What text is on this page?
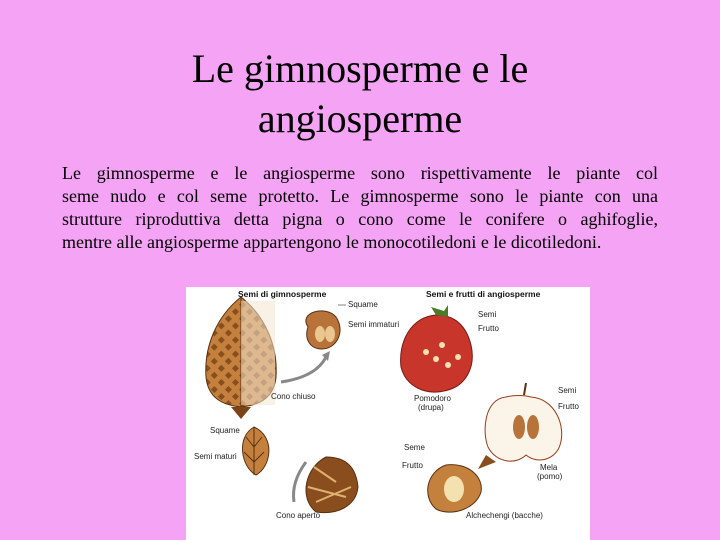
Le gimnosperme e le
angiosperme
Le gimnosperme e le angiosperme sono rispettivamente le piante col
seme nudo e col seme protetto. Le gimnosperme sono le piante con una
strutture riproduttiva detta pigna o cono come le conifere o aghifoglie,
mentre alle angiosperme appartengono le monocotiledoni e le dicotiledoni.
Semi di gimnosperme	Semi e frutti di angiosperme
Squame
Semi immaturi
Cono chiuso
Squame
Semi maturi
Cono aperto
Semi
Frutto
Pomodoro
(drupa)
Semi
Frutto
Mela
(pomo)
Seme
Frutto
Alchechengi (bacche)
